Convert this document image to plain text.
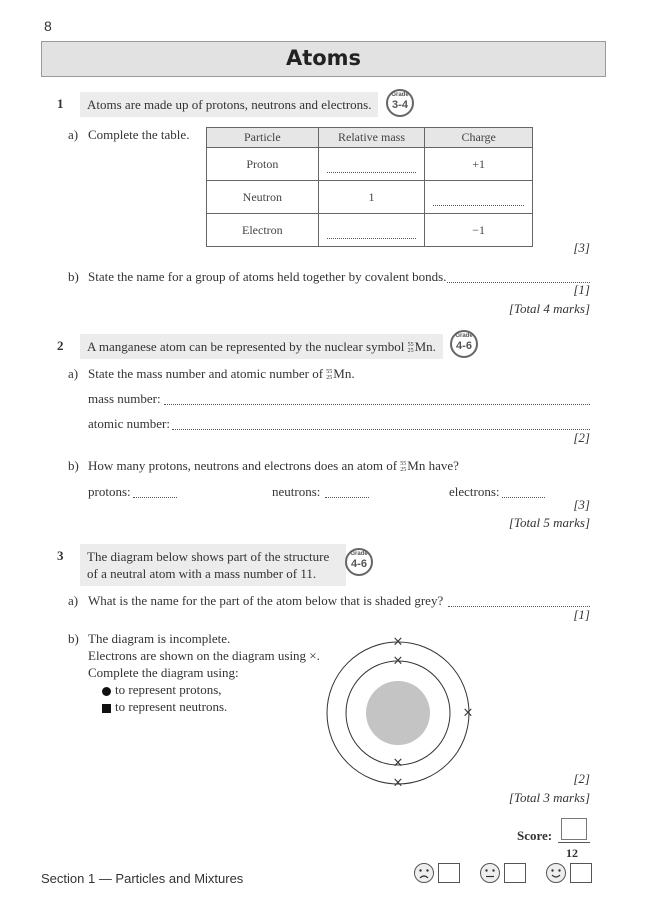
8
Atoms
1	Atoms are made up of protons, neutrons and electrons.
Grade
3-4
a) Complete the table.	Particle	Relative mass	Charge
Proton		+1
Neutron	1	

Electron		−1
[3]
b) State the name for a group of atoms held together by covalent bonds.
[1]
[Total 4 marks]
2	A manganese atom can be represented by the nuclear symbol 55
25Mn.
Grade
4-6
a) State the mass number and atomic number of 55
25Mn.
mass number:
atomic number:
[2]
b) How many protons, neutrons and electrons does an atom of 55
25Mn have?
protons:	neutrons:	electrons:
[3]
[Total 5 marks]
3 The diagram below shows part of the structure
of a neutral atom with a mass number of 11.
Grade
4-6
a) What is the name for the part of the atom below that is shaded grey?
[1]
b) The diagram is incomplete.
Electrons are shown on the diagram using ×.
Complete the diagram using:
to represent protons,
to represent neutrons.
×
×
×
×
×	[2]
[Total 3 marks]
Score:
12
Section 1 — Particles and Mixtures
